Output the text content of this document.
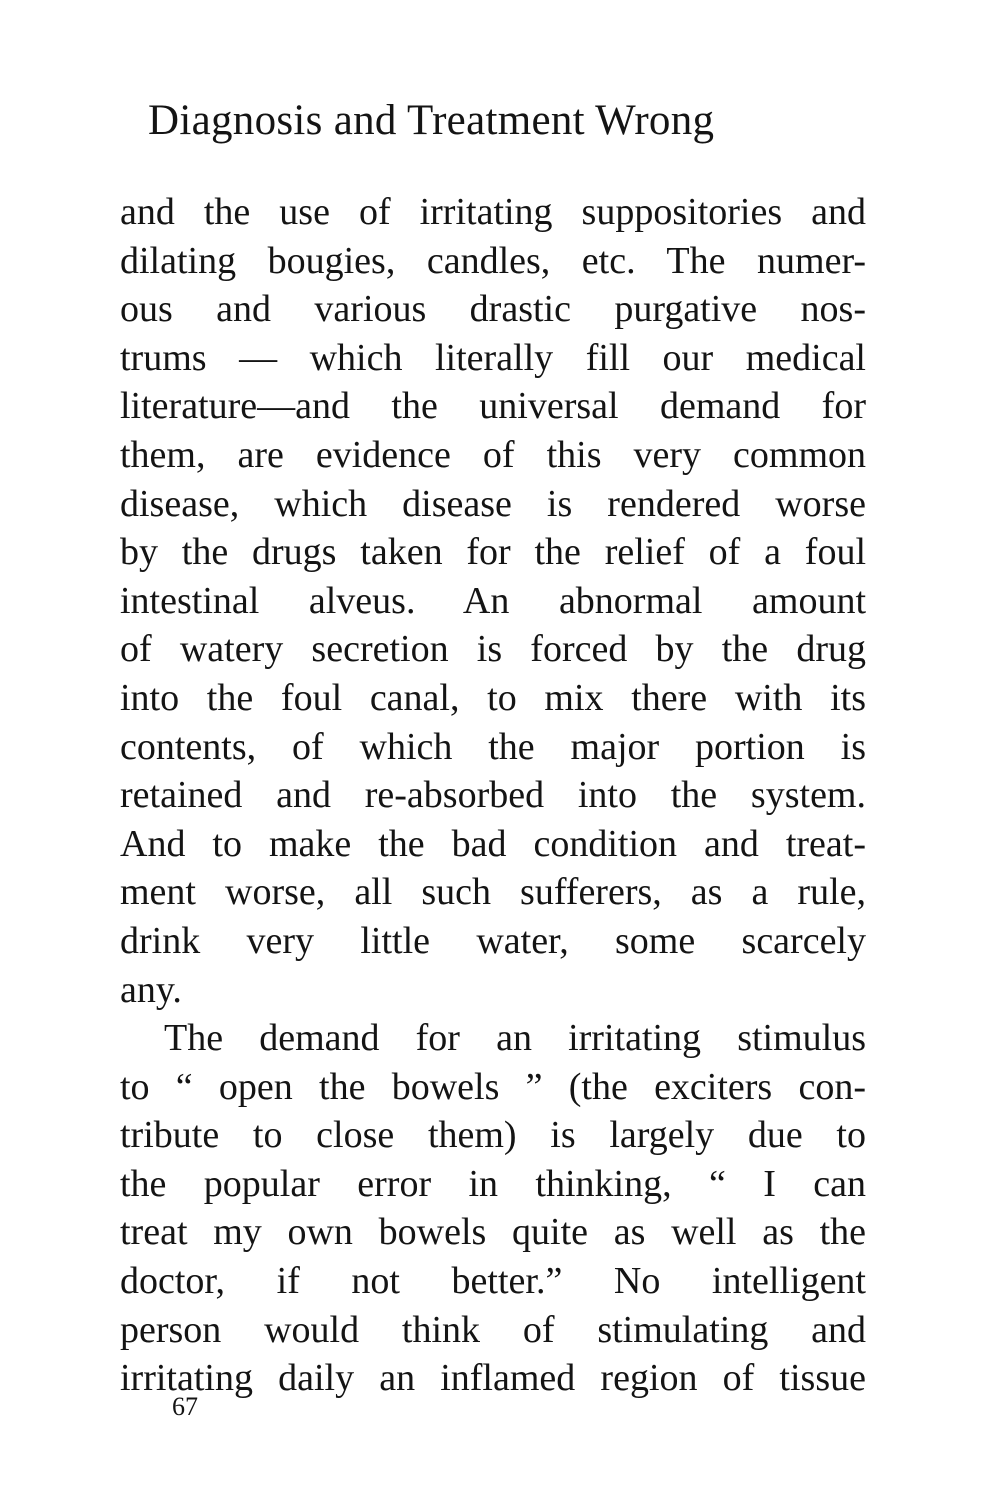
Diagnosis and Treatment Wrong
and the use of irritating suppositories and
dilating bougies, candles, etc. The numer-
ous and various drastic purgative nos-
trums — which literally fill our medical
literature—and the universal demand for
them, are evidence of this very common
disease, which disease is rendered worse
by the drugs taken for the relief of a foul
intestinal alveus. An abnormal amount
of watery secretion is forced by the drug
into the foul canal, to mix there with its
contents, of which the major portion is
retained and re-absorbed into the system.
And to make the bad condition and treat-
ment worse, all such sufferers, as a rule,
drink very little water, some scarcely
any.
The demand for an irritating stimulus
to “ open the bowels ” (the exciters con-
tribute to close them) is largely due to
the popular error in thinking, “ I can
treat my own bowels quite as well as the
doctor, if not better.” No intelligent
person would think of stimulating and
irritating daily an inflamed region of tissue
67
